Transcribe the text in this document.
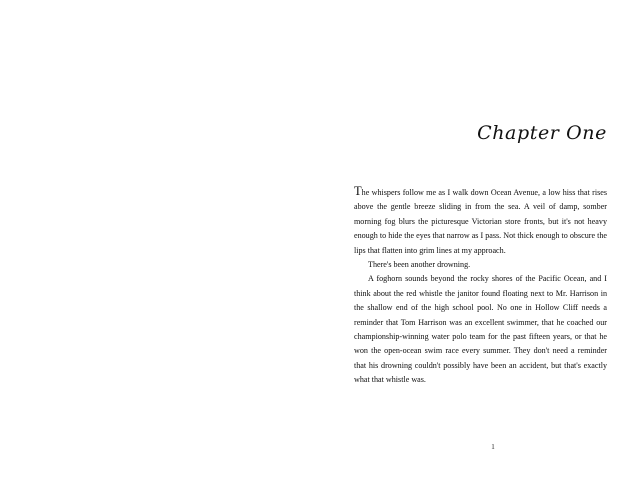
Chapter One

The whispers follow me as I walk down Ocean Avenue, a low hiss that rises above the gentle breeze sliding in from the sea. A veil of damp, somber morning fog blurs the picturesque Victorian store fronts, but it's not heavy enough to hide the eyes that narrow as I pass. Not thick enough to obscure the lips that flatten into grim lines at my approach.

There's been another drowning.

A foghorn sounds beyond the rocky shores of the Pacific Ocean, and I think about the red whistle the janitor found floating next to Mr. Harrison in the shallow end of the high school pool. No one in Hollow Cliff needs a reminder that Tom Harrison was an excellent swimmer, that he coached our championship-winning water polo team for the past fifteen years, or that he won the open-ocean swim race every summer. They don't need a reminder that his drowning couldn't possibly have been an accident, but that's exactly what that whistle was.

1
